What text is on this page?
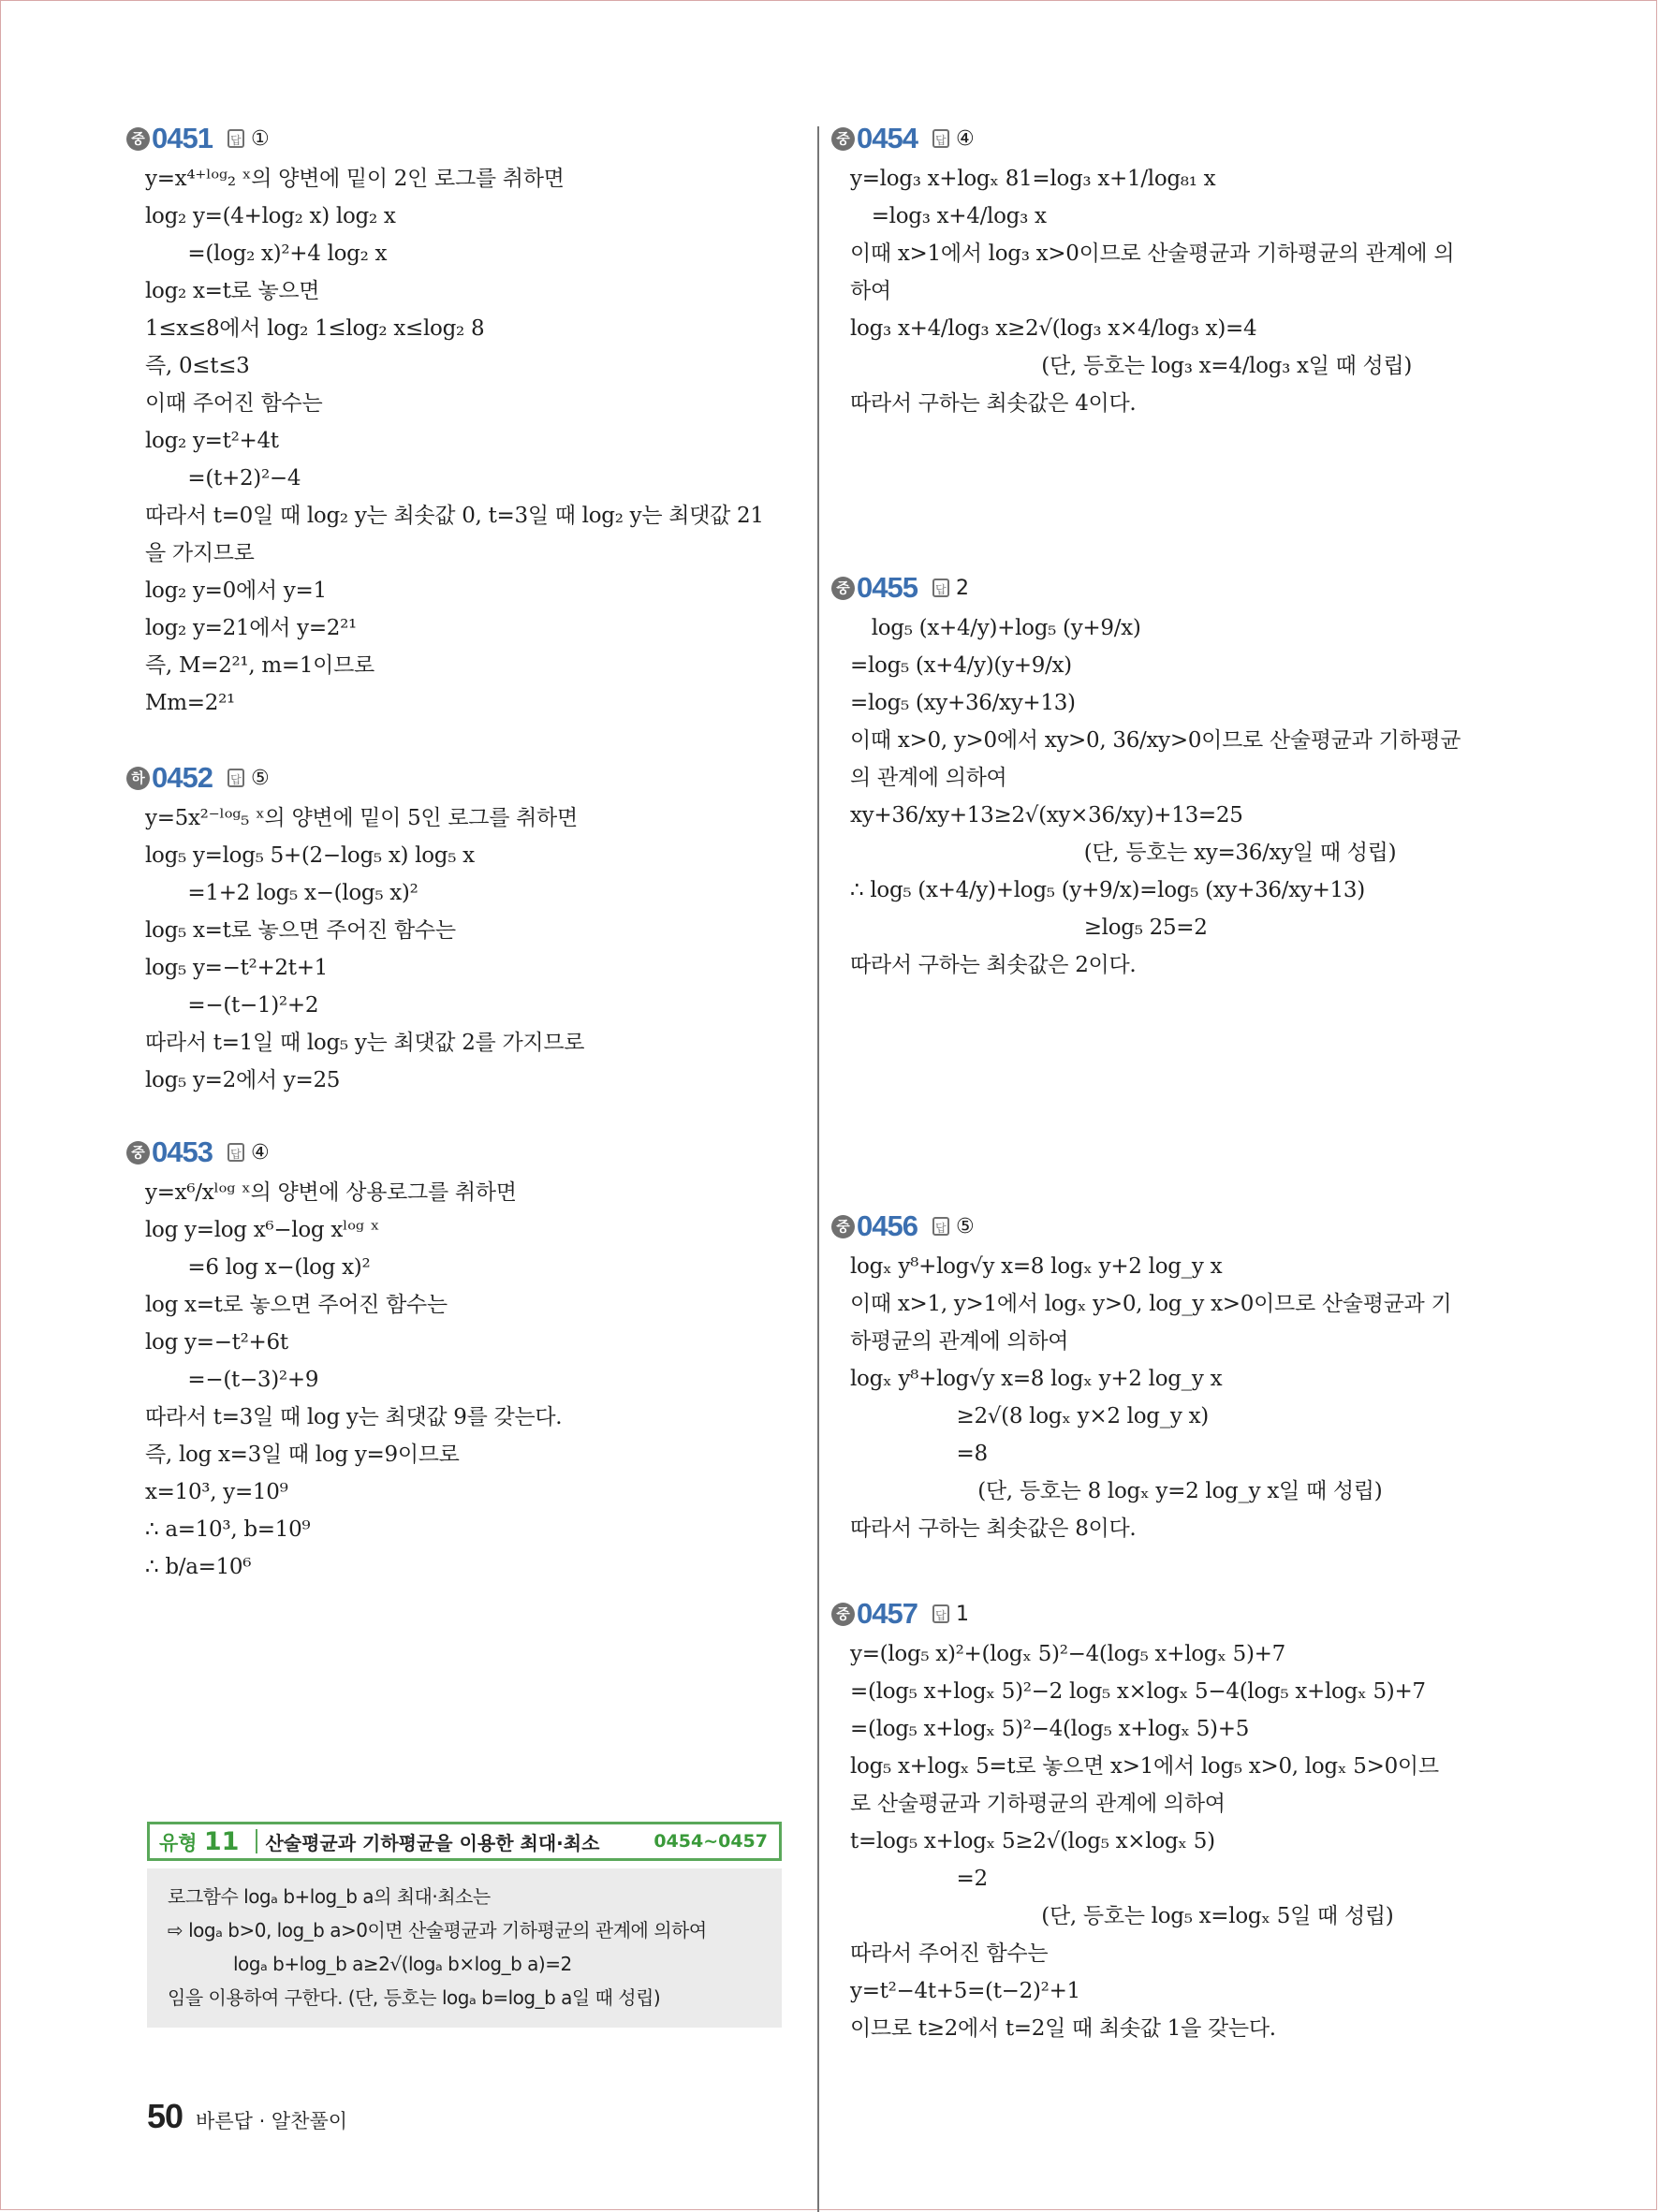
중 0451 답 ①
y=x⁴⁺ˡᵒᵍ₂ ˣ의 양변에 밑이 2인 로그를 취하면
log₂ y=(4+log₂ x) log₂ x
　　=(log₂ x)²+4 log₂ x
log₂ x=t로 놓으면
1≤x≤8에서 log₂ 1≤log₂ x≤log₂ 8
즉, 0≤t≤3
이때 주어진 함수는
log₂ y=t²+4t
　　=(t+2)²−4
따라서 t=0일 때 log₂ y는 최솟값 0, t=3일 때 log₂ y는 최댓값 21
을 가지므로
log₂ y=0에서 y=1
log₂ y=21에서 y=2²¹
즉, M=2²¹, m=1이므로
Mm=2²¹
하 0452 답 ⑤
y=5x²⁻ˡᵒᵍ₅ ˣ의 양변에 밑이 5인 로그를 취하면
log₅ y=log₅ 5+(2−log₅ x) log₅ x
　　=1+2 log₅ x−(log₅ x)²
log₅ x=t로 놓으면 주어진 함수는
log₅ y=−t²+2t+1
　　=−(t−1)²+2
따라서 t=1일 때 log₅ y는 최댓값 2를 가지므로
log₅ y=2에서 y=25
중 0453 답 ④
y=x⁶/xˡᵒᵍ ˣ의 양변에 상용로그를 취하면
log y=log x⁶−log xˡᵒᵍ ˣ
　　=6 log x−(log x)²
log x=t로 놓으면 주어진 함수는
log y=−t²+6t
　　=−(t−3)²+9
따라서 t=3일 때 log y는 최댓값 9를 갖는다.
즉, log x=3일 때 log y=9이므로
x=10³, y=10⁹
∴ a=10³, b=10⁹
∴ b/a=10⁶
유형 11	산술평균과 기하평균을 이용한 최대·최소	0454~0457
로그함수 logₐ b+log_b a의 최대·최소는
⇨ logₐ b>0, log_b a>0이면 산술평균과 기하평균의 관계에 의하여
logₐ b+log_b a≥2√(logₐ b×log_b a)=2
임을 이용하여 구한다. (단, 등호는 logₐ b=log_b a일 때 성립)
중 0454 답 ④
y=log₃ x+logₓ 81=log₃ x+1/log₈₁ x
　=log₃ x+4/log₃ x
이때 x>1에서 log₃ x>0이므로 산술평균과 기하평균의 관계에 의
하여
log₃ x+4/log₃ x≥2√(log₃ x×4/log₃ x)=4
　　　　　　　　　(단, 등호는 log₃ x=4/log₃ x일 때 성립)
따라서 구하는 최솟값은 4이다.
중 0455 답 2
　log₅ (x+4/y)+log₅ (y+9/x)
=log₅ (x+4/y)(y+9/x)
=log₅ (xy+36/xy+13)
이때 x>0, y>0에서 xy>0, 36/xy>0이므로 산술평균과 기하평균
의 관계에 의하여
xy+36/xy+13≥2√(xy×36/xy)+13=25
　　　　　　　　　　　(단, 등호는 xy=36/xy일 때 성립)
∴ log₅ (x+4/y)+log₅ (y+9/x)=log₅ (xy+36/xy+13)
　　　　　　　　　　　≥log₅ 25=2
따라서 구하는 최솟값은 2이다.
중 0456 답 ⑤
logₓ y⁸+log√y x=8 logₓ y+2 log_y x
이때 x>1, y>1에서 logₓ y>0, log_y x>0이므로 산술평균과 기
하평균의 관계에 의하여
logₓ y⁸+log√y x=8 logₓ y+2 log_y x
　　　　　≥2√(8 logₓ y×2 log_y x)
　　　　　=8
　　　　　　(단, 등호는 8 logₓ y=2 log_y x일 때 성립)
따라서 구하는 최솟값은 8이다.
중 0457 답 1
y=(log₅ x)²+(logₓ 5)²−4(log₅ x+logₓ 5)+7
=(log₅ x+logₓ 5)²−2 log₅ x×logₓ 5−4(log₅ x+logₓ 5)+7
=(log₅ x+logₓ 5)²−4(log₅ x+logₓ 5)+5
log₅ x+logₓ 5=t로 놓으면 x>1에서 log₅ x>0, logₓ 5>0이므
로 산술평균과 기하평균의 관계에 의하여
t=log₅ x+logₓ 5≥2√(log₅ x×logₓ 5)
　　　　　=2
　　　　　　　　　(단, 등호는 log₅ x=logₓ 5일 때 성립)
따라서 주어진 함수는
y=t²−4t+5=(t−2)²+1
이므로 t≥2에서 t=2일 때 최솟값 1을 갖는다.
50 바른답 · 알찬풀이
